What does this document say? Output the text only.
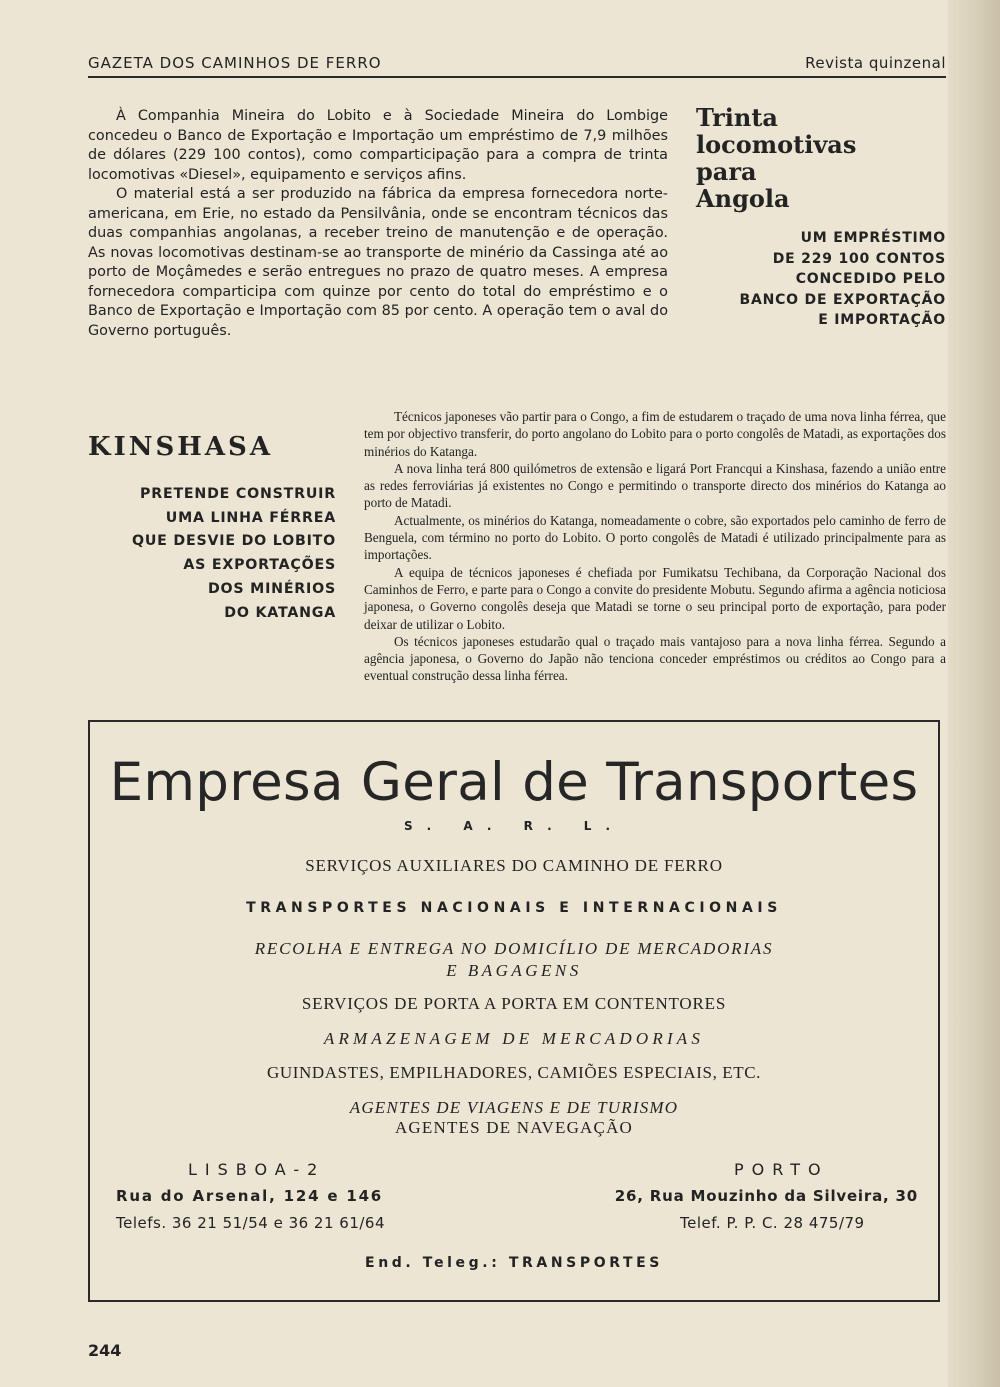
GAZETA DOS CAMINHOS DE FERRO	Revista quinzenal

À Companhia Mineira do Lobito e à Sociedade Mineira do Lombige concedeu o Banco de Exportação e Importação um empréstimo de 7,9 milhões de dólares (229 100 contos), como comparticipação para a compra de trinta locomotivas «Diesel», equipamento e serviços afins.

O material está a ser produzido na fábrica da empresa fornecedora norte-americana, em Erie, no estado da Pensilvânia, onde se encontram técnicos das duas companhias angolanas, a receber treino de manutenção e de operação. As novas locomotivas destinam-se ao transporte de minério da Cassinga até ao porto de Moçâmedes e serão entregues no prazo de quatro meses. A empresa fornecedora comparticipa com quinze por cento do total do empréstimo e o Banco de Exportação e Importação com 85 por cento. A operação tem o aval do Governo português.

Trinta
locomotivas
para
Angola
UM EMPRÉSTIMO
DE 229 100 CONTOS
CONCEDIDO PELO
BANCO DE EXPORTAÇÃO
E IMPORTAÇÃO
KINSHASA
PRETENDE CONSTRUIR
UMA LINHA FÉRREA
QUE DESVIE DO LOBITO
AS EXPORTAÇÕES
DOS MINÉRIOS
DO KATANGA

Técnicos japoneses vão partir para o Congo, a fim de estudarem o traçado de uma nova linha férrea, que tem por objectivo transferir, do porto angolano do Lobito para o porto congolês de Matadi, as exportações dos minérios do Katanga.

A nova linha terá 800 quilómetros de extensão e ligará Port Francqui a Kinshasa, fazendo a união entre as redes ferroviárias já existentes no Congo e permitindo o transporte directo dos minérios do Katanga ao porto de Matadi.

Actualmente, os minérios do Katanga, nomeadamente o cobre, são exportados pelo caminho de ferro de Benguela, com término no porto do Lobito. O porto congolês de Matadi é utilizado principalmente para as importações.

A equipa de técnicos japoneses é chefiada por Fumikatsu Techibana, da Corporação Nacional dos Caminhos de Ferro, e parte para o Congo a convite do presidente Mobutu. Segundo afirma a agência noticiosa japonesa, o Governo congolês deseja que Matadi se torne o seu principal porto de exportação, para poder deixar de utilizar o Lobito.

Os técnicos japoneses estudarão qual o traçado mais vantajoso para a nova linha férrea. Segundo a agência japonesa, o Governo do Japão não tenciona conceder empréstimos ou créditos ao Congo para a eventual construção dessa linha férrea.

Empresa Geral de Transportes
S. A. R. L.
SERVIÇOS AUXILIARES DO CAMINHO DE FERRO
TRANSPORTES NACIONAIS E INTERNACIONAIS
RECOLHA E ENTREGA NO DOMICÍLIO DE MERCADORIAS
E BAGAGENS
SERVIÇOS DE PORTA A PORTA EM CONTENTORES
ARMAZENAGEM DE MERCADORIAS
GUINDASTES, EMPILHADORES, CAMIÕES ESPECIAIS, ETC.
AGENTES DE VIAGENS E DE TURISMO
AGENTES DE NAVEGAÇÃO
LISBOA-2
Rua do Arsenal, 124 e 146
Telefs. 36 21 51/54 e 36 21 61/64
PORTO
26, Rua Mouzinho da Silveira, 30
Telef. P. P. C. 28 475/79
End. Teleg.: TRANSPORTES
244
